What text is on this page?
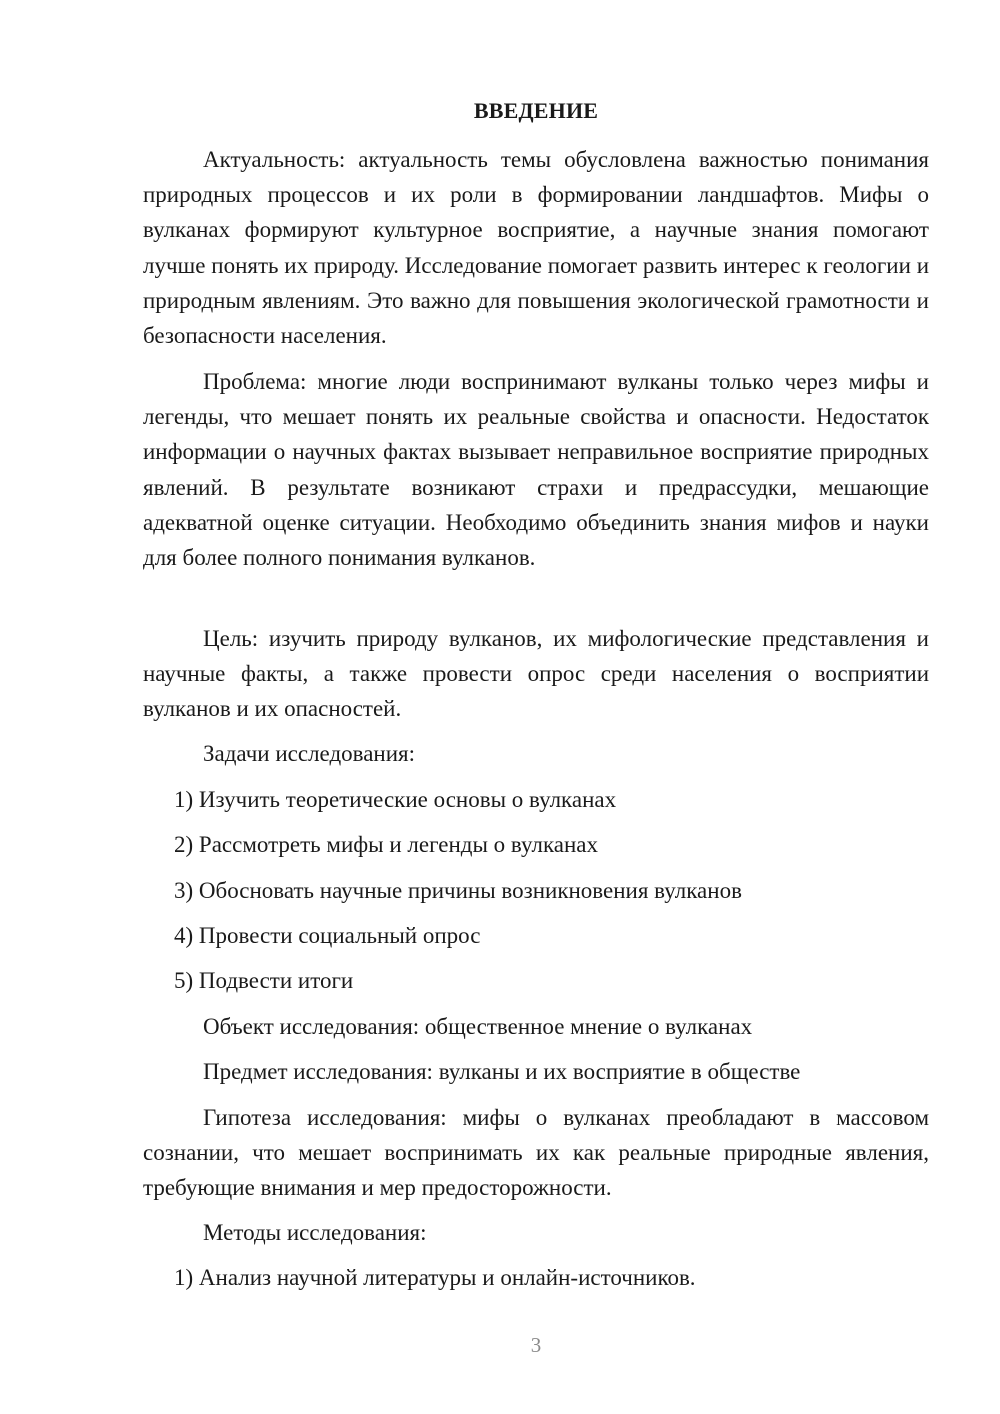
ВВЕДЕНИЕ

Актуальность: актуальность темы обусловлена важностью понимания природных процессов и их роли в формировании ландшафтов. Мифы о вулканах формируют культурное восприятие, а научные знания помогают лучше понять их природу. Исследование помогает развить интерес к геологии и природным явлениям. Это важно для повышения экологической грамотности и безопасности населения.

Проблема: многие люди воспринимают вулканы только через мифы и легенды, что мешает понять их реальные свойства и опасности. Недостаток информации о научных фактах вызывает неправильное восприятие природных явлений. В результате возникают страхи и предрассудки, мешающие адекватной оценке ситуации. Необходимо объединить знания мифов и науки для более полного понимания вулканов.

Цель: изучить природу вулканов, их мифологические представления и научные факты, а также провести опрос среди населения о восприятии вулканов и их опасностей.

Задачи исследования:
1) Изучить теоретические основы о вулканах
2) Рассмотреть мифы и легенды о вулканах
3) Обосновать научные причины возникновения вулканов
4) Провести социальный опрос
5) Подвести итоги
Объект исследования: общественное мнение о вулканах
Предмет исследования: вулканы и их восприятие в обществе

Гипотеза исследования: мифы о вулканах преобладают в массовом сознании, что мешает воспринимать их как реальные природные явления, требующие внимания и мер предосторожности.

Методы исследования:
1) Анализ научной литературы и онлайн-источников.
3
